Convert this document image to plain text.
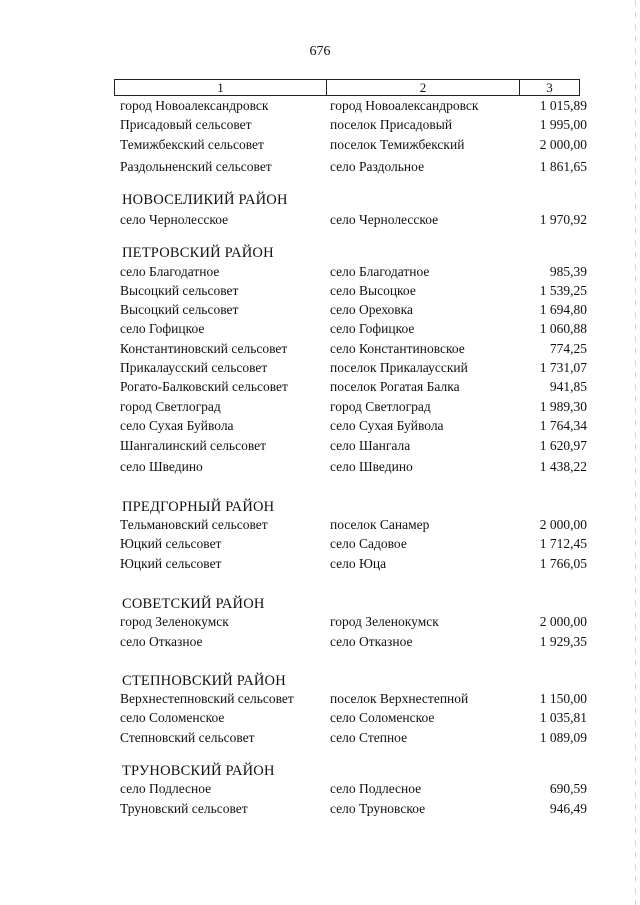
676
1	2	3
город Новоалександровск	город Новоалександровск	1 015,89
Присадовый сельсовет	поселок Присадовый	1 995,00
Темижбекский сельсовет	поселок Темижбекский	2 000,00
Раздольненский сельсовет	село Раздольное	1 861,65
НОВОСЕЛИКИЙ РАЙОН
село Чернолесское	село Чернолесское	1 970,92
ПЕТРОВСКИЙ РАЙОН
село Благодатное	село Благодатное	985,39
Высоцкий сельсовет	село Высоцкое	1 539,25
Высоцкий сельсовет	село Ореховка	1 694,80
село Гофицкое	село Гофицкое	1 060,88
Константиновский сельсовет	село Константиновское	774,25
Прикалаусский сельсовет	поселок Прикалаусский	1 731,07
Рогато-Балковский сельсовет	поселок Рогатая Балка	941,85
город Светлоград	город Светлоград	1 989,30
село Сухая Буйвола	село Сухая Буйвола	1 764,34
Шангалинский сельсовет	село Шангала	1 620,97
село Шведино	село Шведино	1 438,22
ПРЕДГОРНЫЙ РАЙОН
Тельмановский сельсовет	поселок Санамер	2 000,00
Юцкий сельсовет	село Садовое	1 712,45
Юцкий сельсовет	село Юца	1 766,05
СОВЕТСКИЙ РАЙОН
город Зеленокумск	город Зеленокумск	2 000,00
село Отказное	село Отказное	1 929,35
СТЕПНОВСКИЙ РАЙОН
Верхнестепновский сельсовет	поселок Верхнестепной	1 150,00
село Соломенское	село Соломенское	1 035,81
Степновский сельсовет	село Степное	1 089,09
ТРУНОВСКИЙ РАЙОН
село Подлесное	село Подлесное	690,59
Труновский сельсовет	село Труновское	946,49
